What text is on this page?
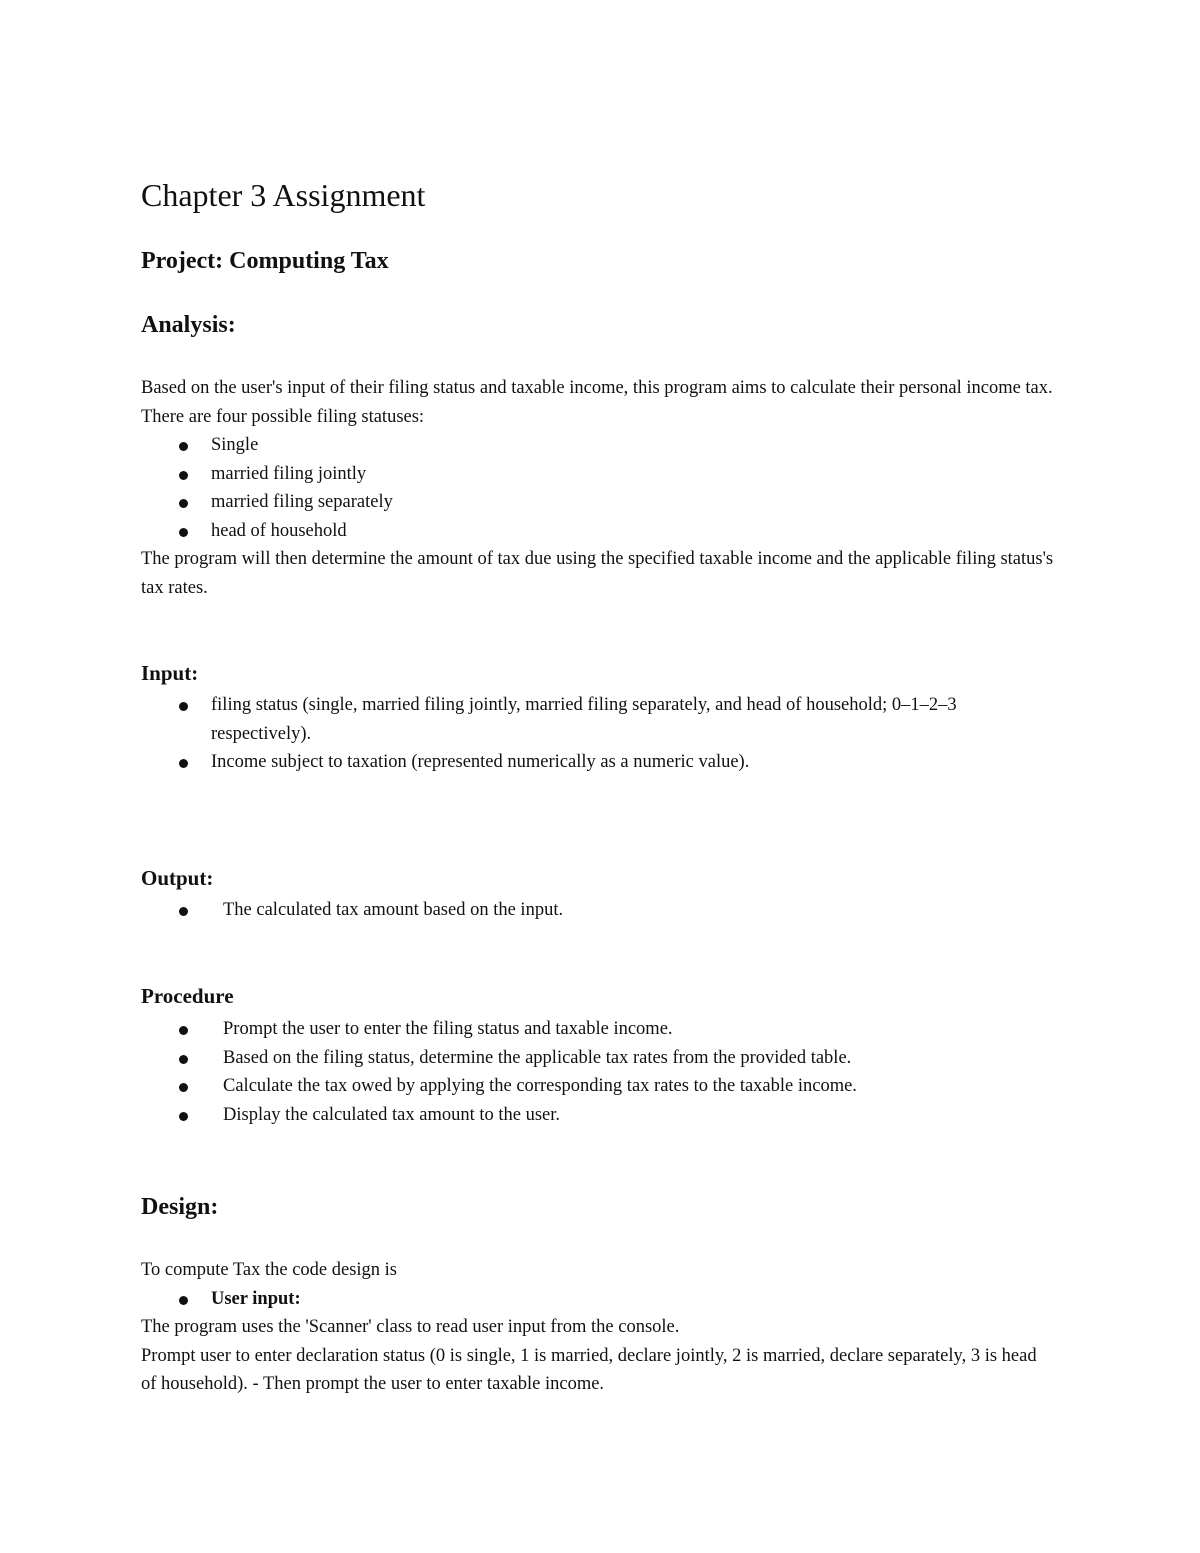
Chapter 3 Assignment
Project: Computing Tax
Analysis:

Based on the user's input of their filing status and taxable income, this program aims to calculate their personal income tax.

There are four possible filing statuses:

Single
married filing jointly
married filing separately
head of household

The program will then determine the amount of tax due using the specified taxable income and the applicable filing status's tax rates.

Input:
filing status (single, married filing jointly, married filing separately, and head of household; 0–1–2–3 respectively).
Income subject to taxation (represented numerically as a numeric value).
Output:
The calculated tax amount based on the input.
Procedure
Prompt the user to enter the filing status and taxable income.
Based on the filing status, determine the applicable tax rates from the provided table.
Calculate the tax owed by applying the corresponding tax rates to the taxable income.
Display the calculated tax amount to the user.
Design:

To compute Tax the code design is

User input:

The program uses the 'Scanner' class to read user input from the console.

Prompt user to enter declaration status (0 is single, 1 is married, declare jointly, 2 is married, declare separately, 3 is head of household). - Then prompt the user to enter taxable income.
